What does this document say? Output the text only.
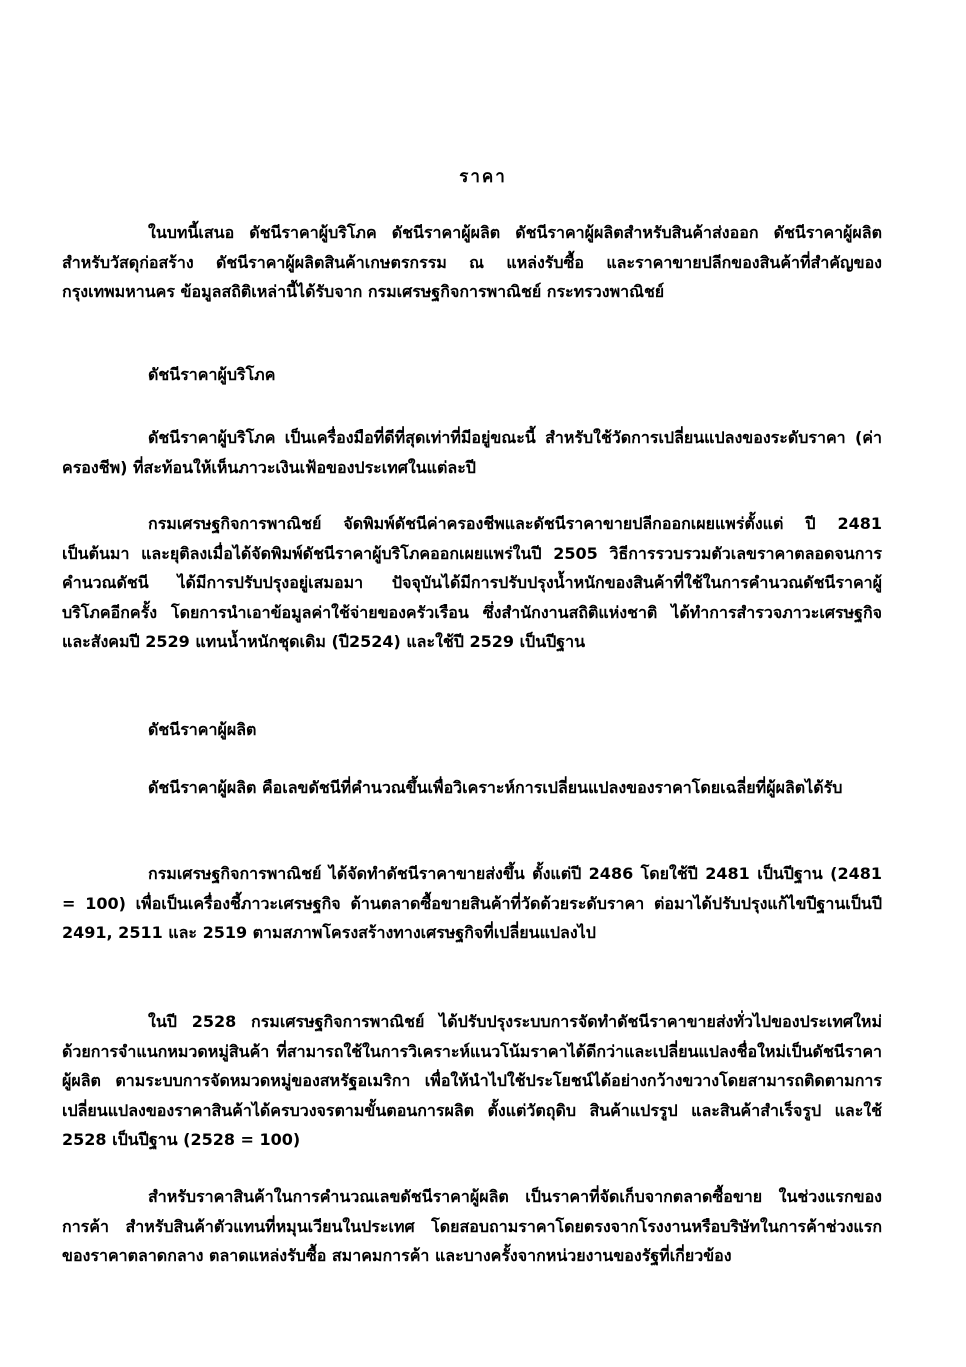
ราคา
ในบทนี้เสนอ ดัชนีราคาผู้บริโภค ดัชนีราคาผู้ผลิต ดัชนีราคาผู้ผลิตสำหรับสินค้าส่งออก ดัชนีราคาผู้ผลิตสำหรับวัสดุก่อสร้าง ดัชนีราคาผู้ผลิตสินค้าเกษตรกรรม ณ แหล่งรับซื้อ และราคาขายปลีกของสินค้าที่สำคัญของกรุงเทพมหานคร ข้อมูลสถิติเหล่านี้ได้รับจาก กรมเศรษฐกิจการพาณิชย์ กระทรวงพาณิชย์
ดัชนีราคาผู้บริโภค
ดัชนีราคาผู้บริโภค เป็นเครื่องมือที่ดีที่สุดเท่าที่มีอยู่ขณะนี้ สำหรับใช้วัดการเปลี่ยนแปลงของระดับราคา (ค่าครองชีพ) ที่สะท้อนให้เห็นภาวะเงินเฟ้อของประเทศในแต่ละปี
กรมเศรษฐกิจการพาณิชย์ จัดพิมพ์ดัชนีค่าครองชีพและดัชนีราคาขายปลีกออกเผยแพร่ตั้งแต่ ปี 2481 เป็นต้นมา และยุติลงเมื่อได้จัดพิมพ์ดัชนีราคาผู้บริโภคออกเผยแพร่ในปี 2505 วิธีการรวบรวมตัวเลขราคาตลอดจนการคำนวณดัชนี ได้มีการปรับปรุงอยู่เสมอมา ปัจจุบันได้มีการปรับปรุงน้ำหนักของสินค้าที่ใช้ในการคำนวณดัชนีราคาผู้บริโภคอีกครั้ง โดยการนำเอาข้อมูลค่าใช้จ่ายของครัวเรือน ซึ่งสำนักงานสถิติแห่งชาติ ได้ทำการสำรวจภาวะเศรษฐกิจและสังคมปี 2529 แทนน้ำหนักชุดเดิม (ปี2524) และใช้ปี 2529 เป็นปีฐาน
ดัชนีราคาผู้ผลิต
ดัชนีราคาผู้ผลิต คือเลขดัชนีที่คำนวณขึ้นเพื่อวิเคราะห์การเปลี่ยนแปลงของราคาโดยเฉลี่ยที่ผู้ผลิตได้รับ
กรมเศรษฐกิจการพาณิชย์ ได้จัดทำดัชนีราคาขายส่งขึ้น ตั้งแต่ปี 2486 โดยใช้ปี 2481 เป็นปีฐาน (2481 = 100) เพื่อเป็นเครื่องชี้ภาวะเศรษฐกิจ ด้านตลาดซื้อขายสินค้าที่วัดด้วยระดับราคา ต่อมาได้ปรับปรุงแก้ไขปีฐานเป็นปี 2491, 2511 และ 2519 ตามสภาพโครงสร้างทางเศรษฐกิจที่เปลี่ยนแปลงไป
ในปี 2528 กรมเศรษฐกิจการพาณิชย์ ได้ปรับปรุงระบบการจัดทำดัชนีราคาขายส่งทั่วไปของประเทศใหม่ ด้วยการจำแนกหมวดหมู่สินค้า ที่สามารถใช้ในการวิเคราะห์แนวโน้มราคาได้ดีกว่าและเปลี่ยนแปลงชื่อใหม่เป็นดัชนีราคาผู้ผลิต ตามระบบการจัดหมวดหมู่ของสหรัฐอเมริกา เพื่อให้นำไปใช้ประโยชน์ได้อย่างกว้างขวางโดยสามารถติดตามการเปลี่ยนแปลงของราคาสินค้าได้ครบวงจรตามขั้นตอนการผลิต ตั้งแต่วัตถุดิบ สินค้าแปรรูป และสินค้าสำเร็จรูป และใช้ 2528 เป็นปีฐาน (2528 = 100)
สำหรับราคาสินค้าในการคำนวณเลขดัชนีราคาผู้ผลิต เป็นราคาที่จัดเก็บจากตลาดซื้อขาย ในช่วงแรกของการค้า สำหรับสินค้าตัวแทนที่หมุนเวียนในประเทศ โดยสอบถามราคาโดยตรงจากโรงงานหรือบริษัทในการค้าช่วงแรกของราคาตลาดกลาง ตลาดแหล่งรับซื้อ สมาคมการค้า และบางครั้งจากหน่วยงานของรัฐที่เกี่ยวข้อง
